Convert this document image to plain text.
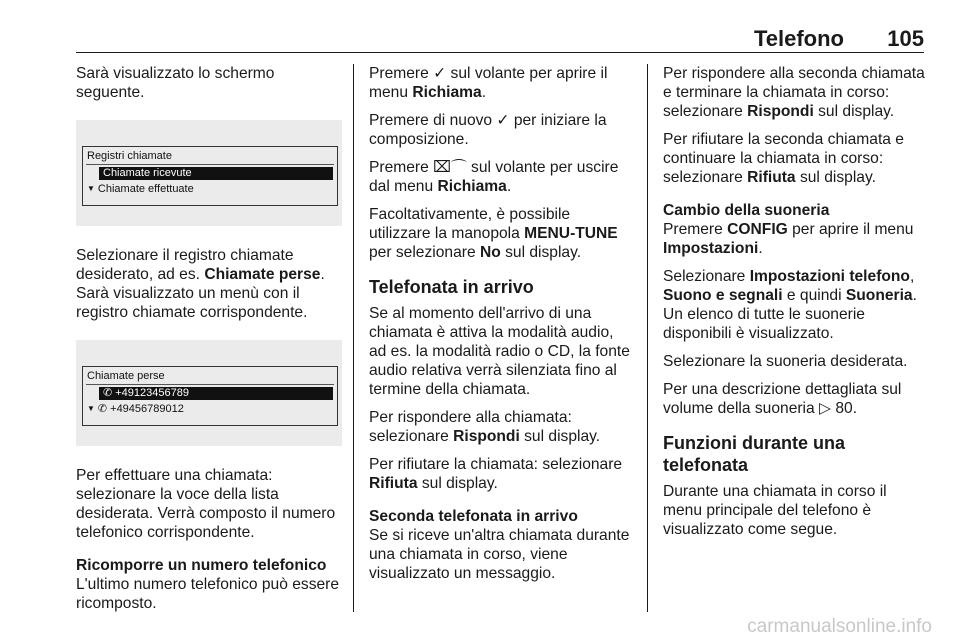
Telefono 105

Sarà visualizzato lo schermo seguente.

Registri chiamate
Chiamate ricevute
▼ Chiamate effettuate

Selezionare il registro chiamate desiderato, ad es. Chiamate perse. Sarà visualizzato un menù con il registro chiamate corrispondente.

Chiamate perse
✆ +49123456789
▼ ✆ +49456789012

Per effettuare una chiamata: selezionare la voce della lista desiderata. Verrà composto il numero telefonico corrispondente.

Ricomporre un numero telefonico

L'ultimo numero telefonico può essere ricomposto.

Premere ✓ sul volante per aprire il menu Richiama.

Premere di nuovo ✓ per iniziare la composizione.

Premere ⌧⌒ sul volante per uscire dal menu Richiama.

Facoltativamente, è possibile utilizzare la manopola MENU-TUNE per selezionare No sul display.

Telefonata in arrivo

Se al momento dell'arrivo di una chiamata è attiva la modalità audio, ad es. la modalità radio o CD, la fonte audio relativa verrà silenziata fino al termine della chiamata.

Per rispondere alla chiamata: selezionare Rispondi sul display.

Per rifiutare la chiamata: selezionare Rifiuta sul display.

Seconda telefonata in arrivo

Se si riceve un'altra chiamata durante una chiamata in corso, viene visualizzato un messaggio.

Per rispondere alla seconda chiamata e terminare la chiamata in corso: selezionare Rispondi sul display.

Per rifiutare la seconda chiamata e continuare la chiamata in corso: selezionare Rifiuta sul display.

Cambio della suoneria

Premere CONFIG per aprire il menu Impostazioni.

Selezionare Impostazioni telefono, Suono e segnali e quindi Suoneria. Un elenco di tutte le suonerie disponibili è visualizzato.

Selezionare la suoneria desiderata.

Per una descrizione dettagliata sul volume della suoneria ▷ 80.

Funzioni durante una telefonata

Durante una chiamata in corso il menu principale del telefono è visualizzato come segue.

carmanualsonline.info
